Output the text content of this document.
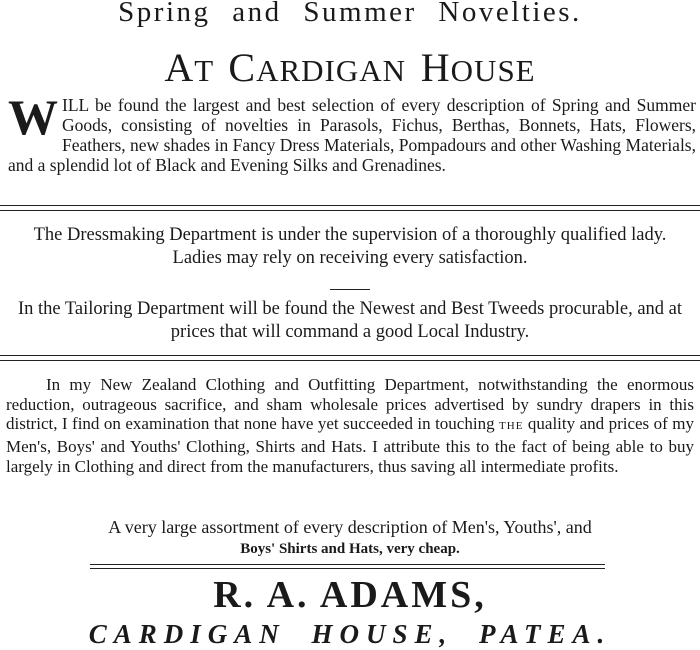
Spring and Summer Novelties.
AT CARDIGAN HOUSE
WILL be found the largest and best selection of every description of Spring and Summer Goods, consisting of novelties in Parasols, Fichus, Berthas, Bonnets, Hats, Flowers, Feathers, new shades in Fancy Dress Materials, Pompadours and other Washing Materials, and a splendid lot of Black and Evening Silks and Grenadines.
The Dressmaking Department is under the supervision of a thoroughly qualified lady. Ladies may rely on receiving every satisfaction.
In the Tailoring Department will be found the Newest and Best Tweeds procurable, and at prices that will command a good Local Industry.
In my New Zealand Clothing and Outfitting Department, notwithstanding the enormous reduction, outrageous sacrifice, and sham wholesale prices advertised by sundry drapers in this district, I find on examination that none have yet succeeded in touching THE quality and prices of my Men's, Boys' and Youths' Clothing, Shirts and Hats. I attribute this to the fact of being able to buy largely in Clothing and direct from the manufacturers, thus saving all intermediate profits.
A very large assortment of every description of Men's, Youths', and
Boys' Shirts and Hats, very cheap.
R. A. ADAMS,
CARDIGAN HOUSE, PATEA.
